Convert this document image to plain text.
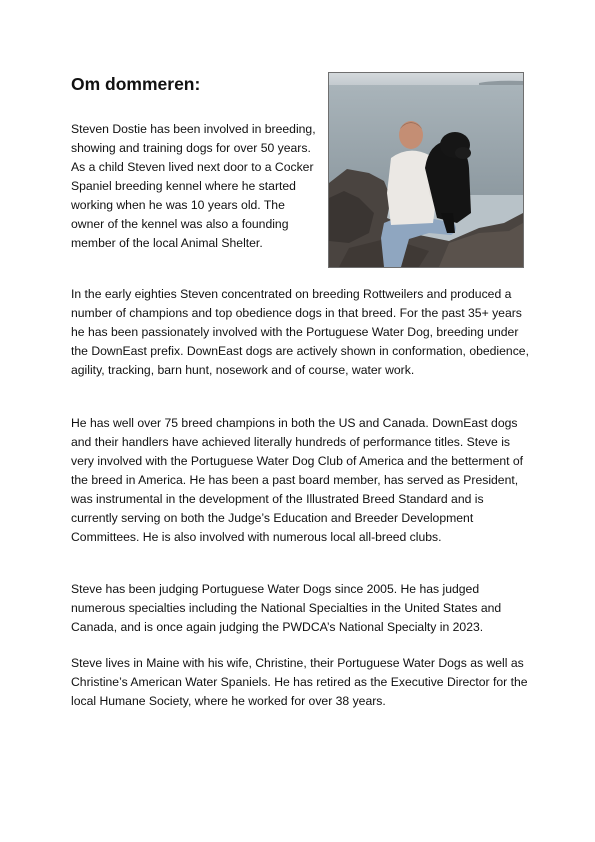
Om dommeren:

Steven Dostie has been involved in breeding, showing and training dogs for over 50 years. As a child Steven lived next door to a Cocker Spaniel breeding kennel where he started working when he was 10 years old. The owner of the kennel was also a founding member of the local Animal Shelter.

In the early eighties Steven concentrated on breeding Rottweilers and produced a number of champions and top obedience dogs in that breed. For the past 35+ years he has been passionately involved with the Portuguese Water Dog, breeding under the DownEast prefix. DownEast dogs are actively shown in conformation, obedience, agility, tracking, barn hunt, nosework and of course, water work.

He has well over 75 breed champions in both the US and Canada. DownEast dogs and their handlers have achieved literally hundreds of performance titles. Steve is very involved with the Portuguese Water Dog Club of America and the betterment of the breed in America. He has been a past board member, has served as President, was instrumental in the development of the Illustrated Breed Standard and is currently serving on both the Judge’s Education and Breeder Development Committees. He is also involved with numerous local all-breed clubs.

Steve has been judging Portuguese Water Dogs since 2005. He has judged numerous specialties including the National Specialties in the United States and Canada, and is once again judging the PWDCA’s National Specialty in 2023.

Steve lives in Maine with his wife, Christine, their Portuguese Water Dogs as well as Christine’s American Water Spaniels. He has retired as the Executive Director for the local Humane Society, where he worked for over 38 years.
